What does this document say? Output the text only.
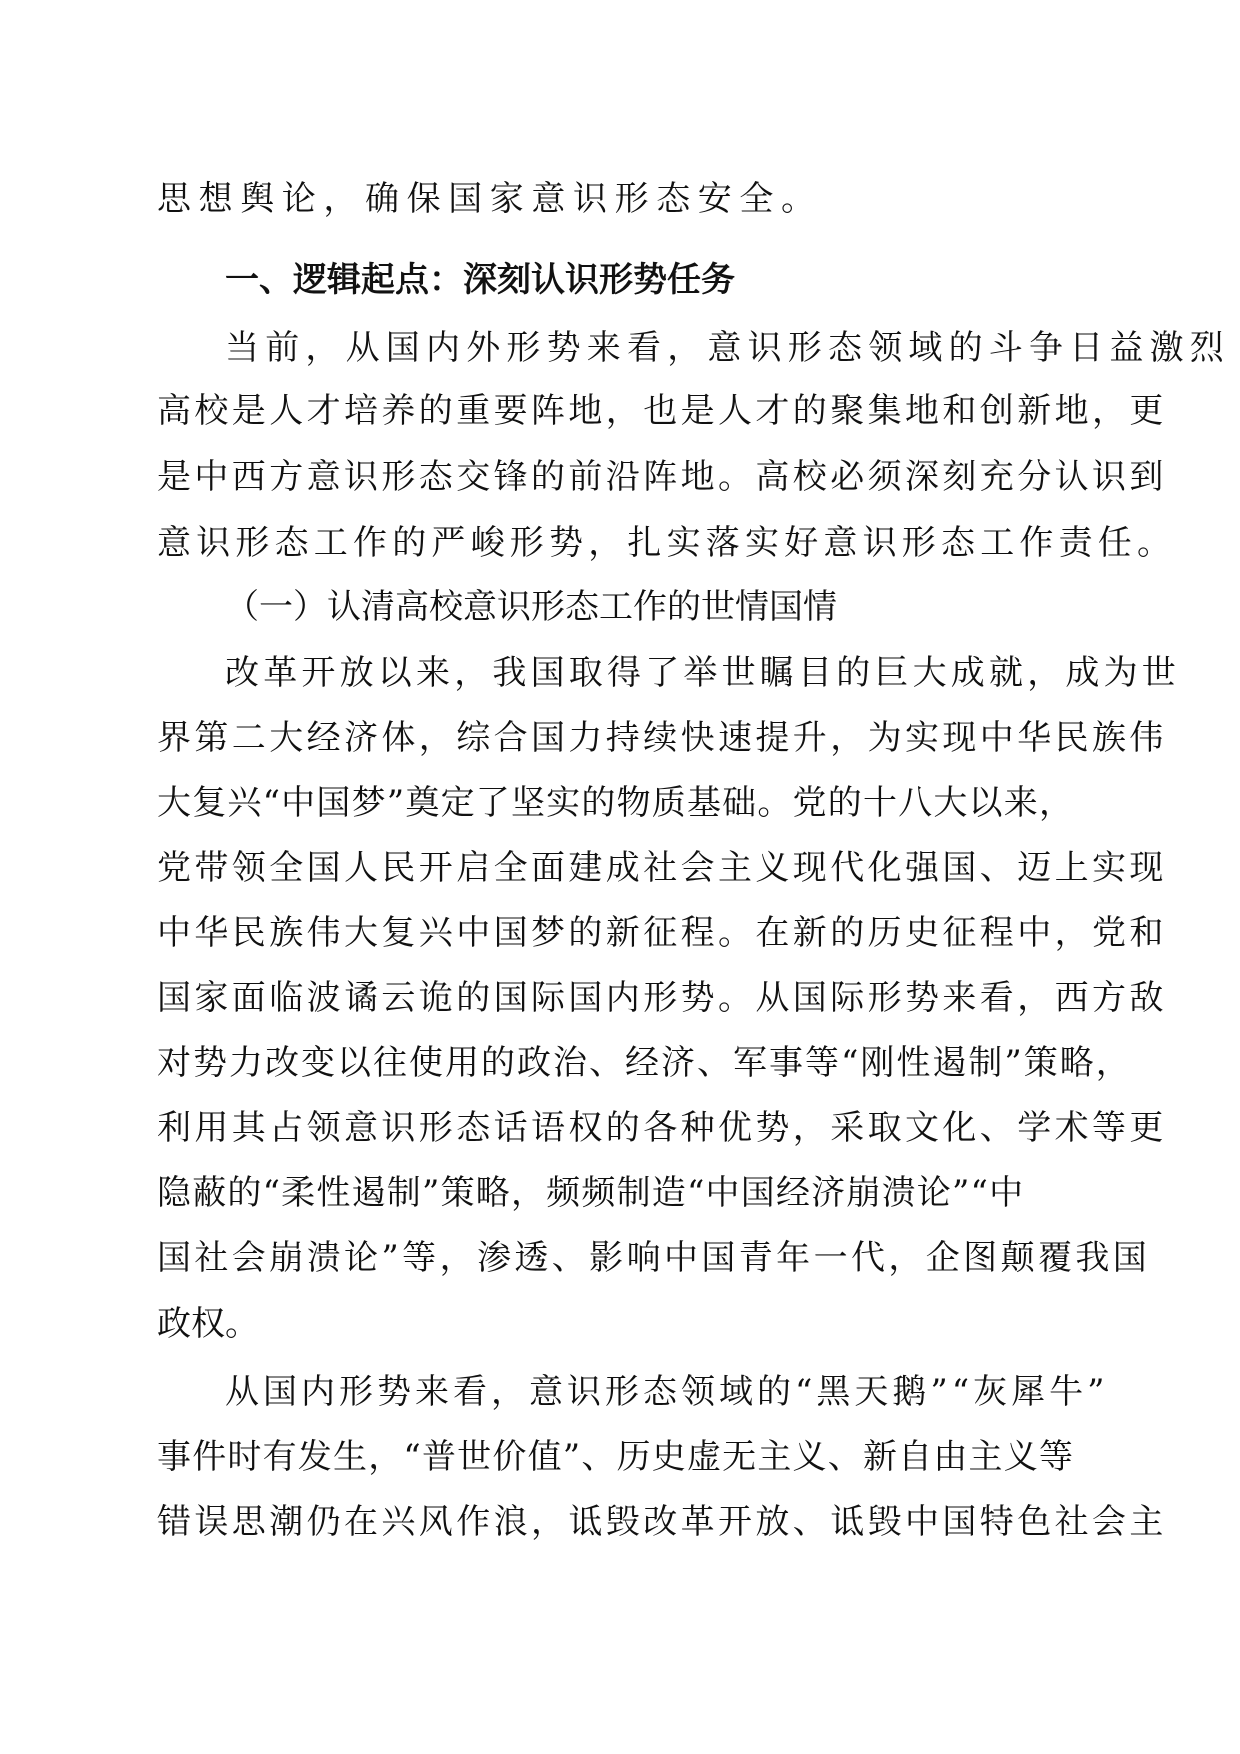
思想舆论，确保国家意识形态安全。

一、逻辑起点：深刻认识形势任务

当前，从国内外形势来看，意识形态领域的斗争日益激烈

高校是人才培养的重要阵地，也是人才的聚集地和创新地，更

是中西方意识形态交锋的前沿阵地。高校必须深刻充分认识到

意识形态工作的严峻形势，扎实落实好意识形态工作责任。

（一）认清高校意识形态工作的世情国情

改革开放以来，我国取得了举世瞩目的巨大成就，成为世

界第二大经济体，综合国力持续快速提升，为实现中华民族伟

大复兴“中国梦”奠定了坚实的物质基础。党的十八大以来，

党带领全国人民开启全面建成社会主义现代化强国、迈上实现

中华民族伟大复兴中国梦的新征程。在新的历史征程中，党和

国家面临波谲云诡的国际国内形势。从国际形势来看，西方敌

对势力改变以往使用的政治、经济、军事等“刚性遏制”策略，

利用其占领意识形态话语权的各种优势，采取文化、学术等更

隐蔽的“柔性遏制”策略，频频制造“中国经济崩溃论”“中

国社会崩溃论”等，渗透、影响中国青年一代，企图颠覆我国

政权。

从国内形势来看，意识形态领域的“黑天鹅”“灰犀牛”

事件时有发生，“普世价值”、历史虚无主义、新自由主义等

错误思潮仍在兴风作浪，诋毁改革开放、诋毁中国特色社会主
